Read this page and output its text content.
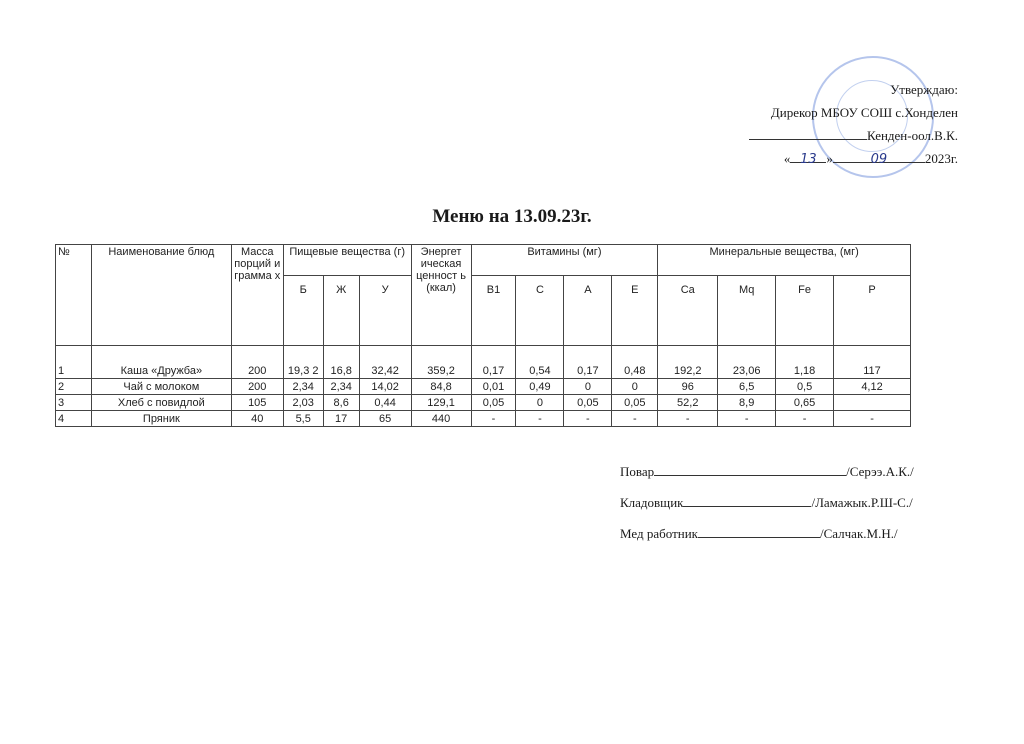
Утверждаю:
Дирекор МБОУ СОШ с.Хонделен
Кенден-оол.В.К.
« 13 »	09	2023г.
Меню на 13.09.23г.
№	Наименование блюд	Масса порций и грамма х	Пищевые вещества (г)			Энергет ическая ценност ь (ккал)	Витамины (мг)				Минеральные вещества, (мг)			
			Б	Ж	У		B1	C	A	E	Ca	Mq	Fe	P
1	Каша «Дружба»	200	19,3 2	16,8	32,42	359,2	0,17	0,54	0,17	0,48	192,2	23,06	1,18	117
2	Чай с молоком	200	2,34	2,34	14,02	84,8	0,01	0,49	0	0	96	6,5	0,5	4,12
3	Хлеб с повидлой	105	2,03	8,6	0,44	129,1	0,05	0	0,05	0,05	52,2	8,9	0,65	
4	Пряник	40	5,5	17	65	440	-	-	-	-	-	-	-	-
Повар	/Серээ.А.К./
Кладовщик	/Ламажык.Р.Ш-С./
Мед работник	/Салчак.М.Н./
